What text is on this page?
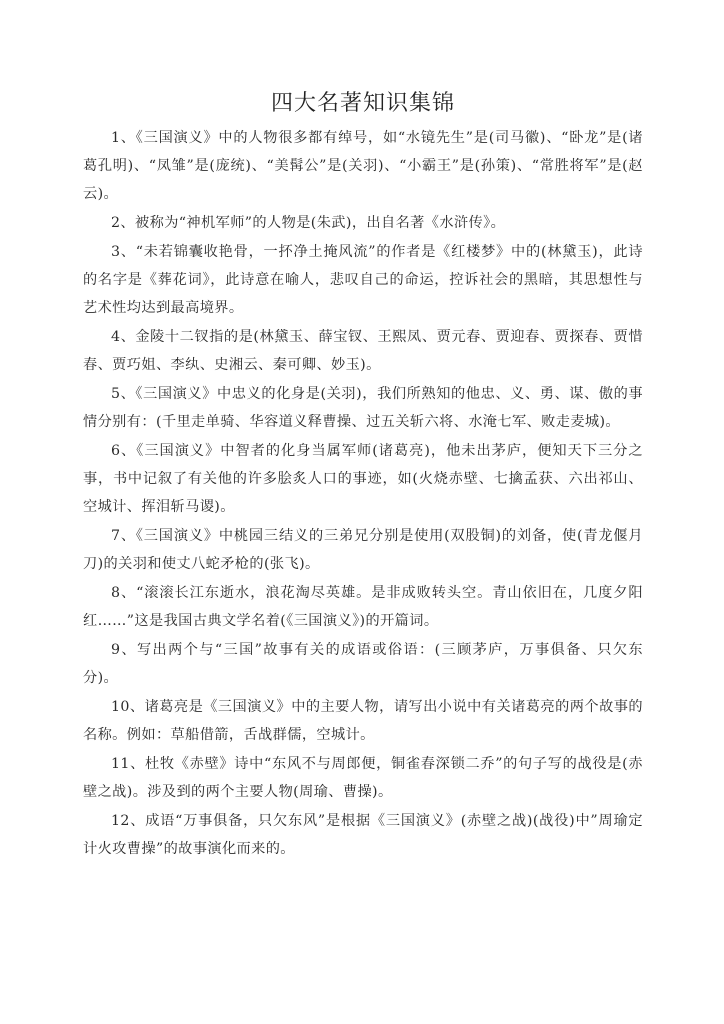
四大名著知识集锦

1、《三国演义》中的人物很多都有绰号，如“水镜先生”是(司马徽)、“卧龙”是(诸葛孔明)、“凤雏”是(庞统)、“美髯公”是(关羽)、“小霸王”是(孙策)、“常胜将军”是(赵云)。

2、被称为“神机军师”的人物是(朱武)，出自名著《水浒传》。

3、“未若锦囊收艳骨，一抔净土掩风流”的作者是《红楼梦》中的(林黛玉)，此诗的名字是《葬花词》，此诗意在喻人，悲叹自己的命运，控诉社会的黑暗，其思想性与艺术性均达到最高境界。

4、金陵十二钗指的是(林黛玉、薛宝钗、王熙凤、贾元春、贾迎春、贾探春、贾惜春、贾巧姐、李纨、史湘云、秦可卿、妙玉)。

5、《三国演义》中忠义的化身是(关羽)，我们所熟知的他忠、义、勇、谋、傲的事情分别有：(千里走单骑、华容道义释曹操、过五关斩六将、水淹七军、败走麦城)。

6、《三国演义》中智者的化身当属军师(诸葛亮)，他未出茅庐，便知天下三分之事，书中记叙了有关他的许多脍炙人口的事迹，如(火烧赤壁、七擒孟获、六出祁山、空城计、挥泪斩马谡)。

7、《三国演义》中桃园三结义的三弟兄分别是使用(双股铜)的刘备，使(青龙偃月刀)的关羽和使丈八蛇矛枪的(张飞)。

8、“滚滚长江东逝水，浪花淘尽英雄。是非成败转头空。青山依旧在，几度夕阳红……”这是我国古典文学名着(《三国演义》)的开篇词。

9、写出两个与“三国”故事有关的成语或俗语：(三顾茅庐，万事俱备、只欠东分)。

10、诸葛亮是《三国演义》中的主要人物，请写出小说中有关诸葛亮的两个故事的名称。例如：草船借箭，舌战群儒，空城计。

11、杜牧《赤壁》诗中“东风不与周郎便，铜雀春深锁二乔”的句子写的战役是(赤壁之战)。涉及到的两个主要人物(周瑜、曹操)。

12、成语“万事俱备，只欠东风”是根据《三国演义》(赤壁之战)(战役)中”周瑜定计火攻曹操”的故事演化而来的。
